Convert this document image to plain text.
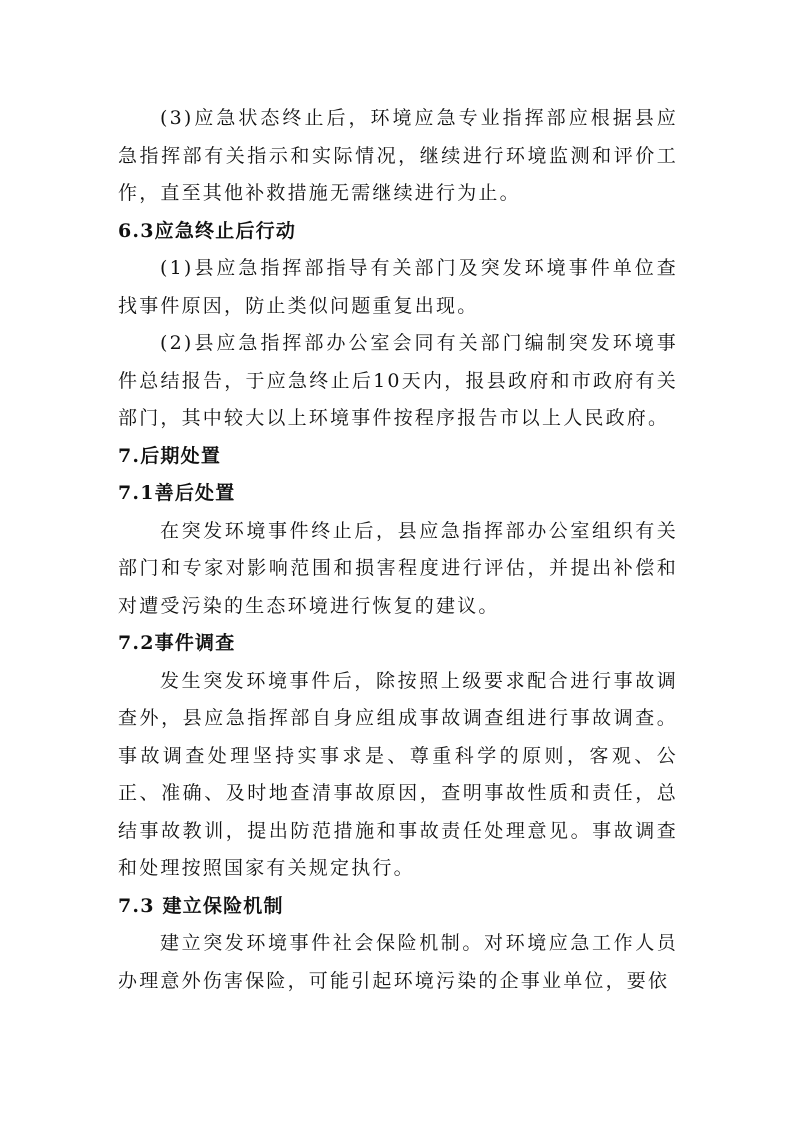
(3)应急状态终止后，环境应急专业指挥部应根据县应急指挥部有关指示和实际情况，继续进行环境监测和评价工作，直至其他补救措施无需继续进行为止。

6.3应急终止后行动

(1)县应急指挥部指导有关部门及突发环境事件单位查找事件原因，防止类似问题重复出现。

(2)县应急指挥部办公室会同有关部门编制突发环境事件总结报告，于应急终止后10天内，报县政府和市政府有关部门，其中较大以上环境事件按程序报告市以上人民政府。

7.后期处置

7.1善后处置

在突发环境事件终止后，县应急指挥部办公室组织有关部门和专家对影响范围和损害程度进行评估，并提出补偿和对遭受污染的生态环境进行恢复的建议。

7.2事件调查

发生突发环境事件后，除按照上级要求配合进行事故调查外，县应急指挥部自身应组成事故调查组进行事故调查。事故调查处理坚持实事求是、尊重科学的原则，客观、公正、准确、及时地查清事故原因，查明事故性质和责任，总结事故教训，提出防范措施和事故责任处理意见。事故调查和处理按照国家有关规定执行。

7.3 建立保险机制

建立突发环境事件社会保险机制。对环境应急工作人员办理意外伤害保险，可能引起环境污染的企事业单位，要依
